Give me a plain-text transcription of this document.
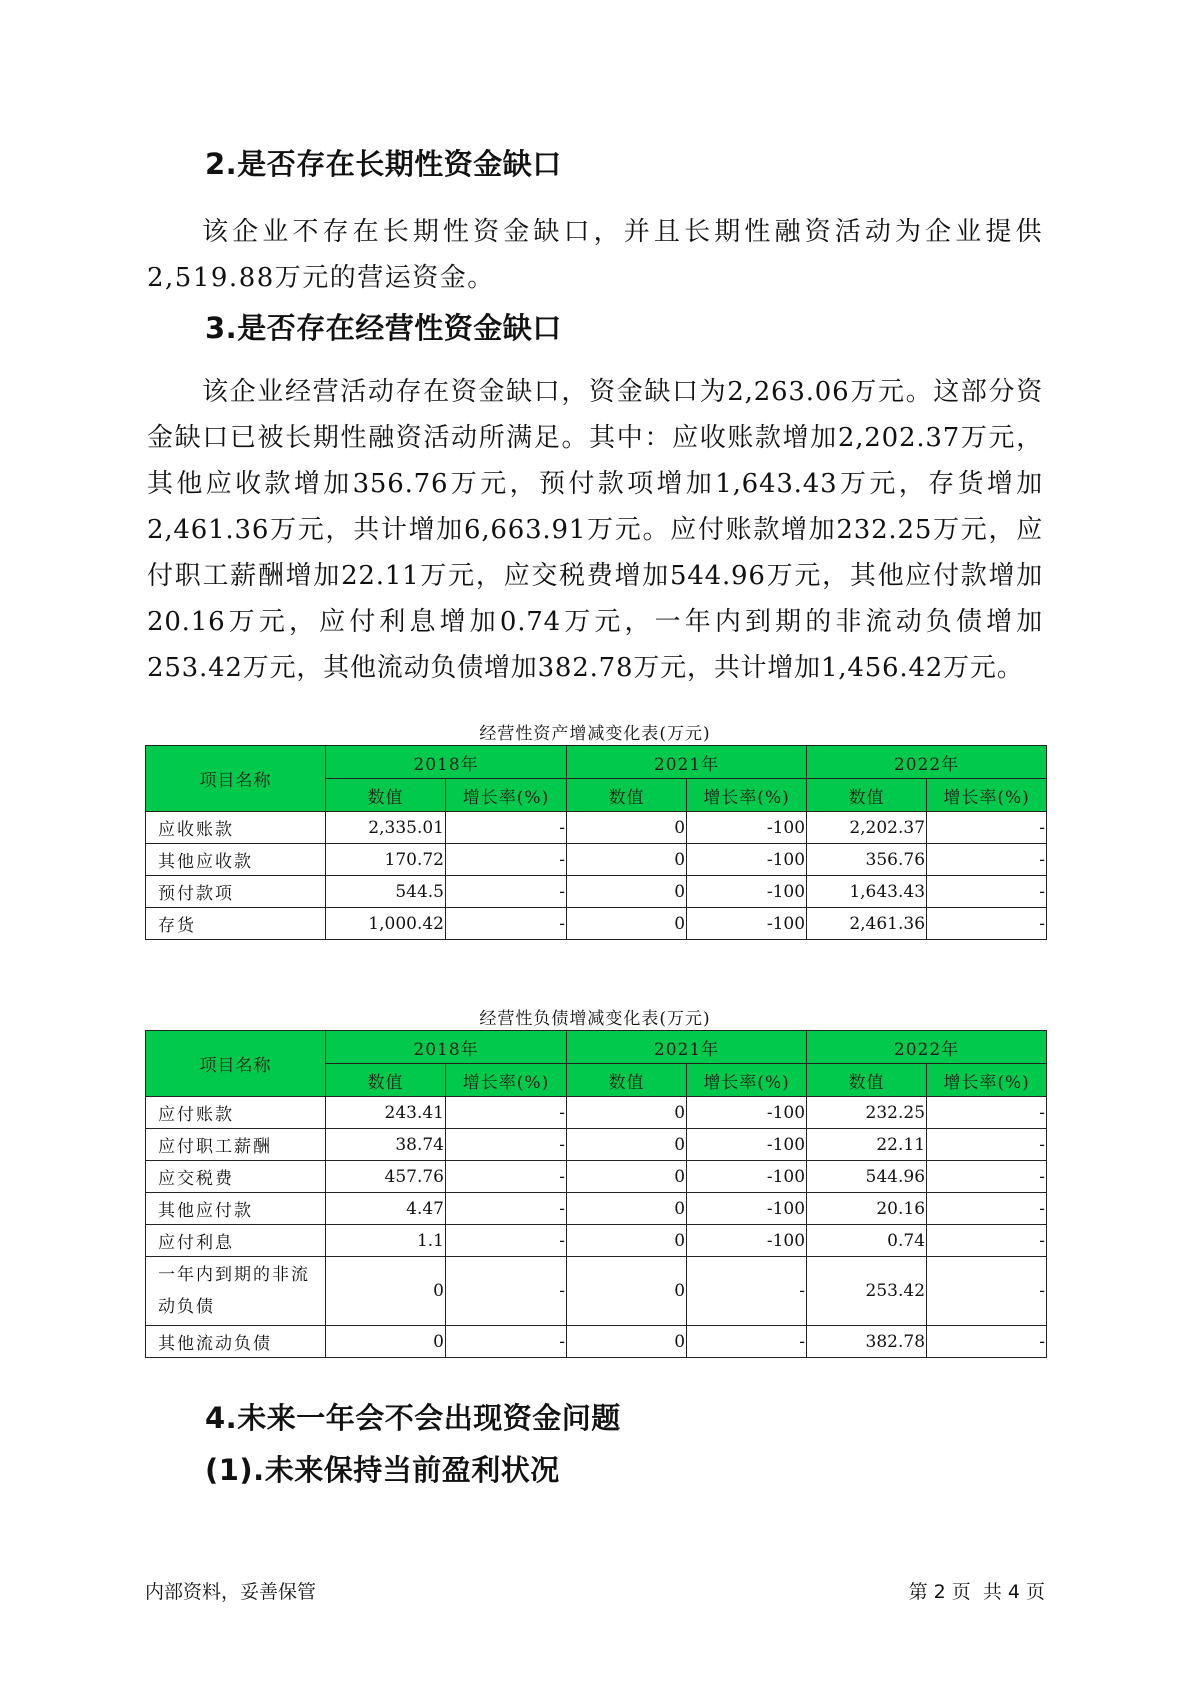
2.是否存在长期性资金缺口

该企业不存在长期性资金缺口，并且长期性融资活动为企业提供2,519.88万元的营运资金。

3.是否存在经营性资金缺口

该企业经营活动存在资金缺口，资金缺口为2,263.06万元。这部分资金缺口已被长期性融资活动所满足。其中：应收账款增加2,202.37万元，其他应收款增加356.76万元，预付款项增加1,643.43万元，存货增加2,461.36万元，共计增加6,663.91万元。应付账款增加232.25万元，应付职工薪酬增加22.11万元，应交税费增加544.96万元，其他应付款增加20.16万元，应付利息增加0.74万元，一年内到期的非流动负债增加253.42万元，其他流动负债增加382.78万元，共计增加1,456.42万元。

经营性资产增减变化表(万元)
项目名称	2018年		2021年		2022年	
	数值	增长率(%)	数值	增长率(%)	数值	增长率(%)
应收账款	2,335.01	-	0	-100	2,202.37	-
其他应收款	170.72	-	0	-100	356.76	-
预付款项	544.5	-	0	-100	1,643.43	-
存货	1,000.42	-	0	-100	2,461.36	-
经营性负债增减变化表(万元)
项目名称	2018年		2021年		2022年	
	数值	增长率(%)	数值	增长率(%)	数值	增长率(%)
应付账款	243.41	-	0	-100	232.25	-
应付职工薪酬	38.74	-	0	-100	22.11	-
应交税费	457.76	-	0	-100	544.96	-
其他应付款	4.47	-	0	-100	20.16	-
应付利息	1.1	-	0	-100	0.74	-
一年内到期的非流动负债	0	-	0	-	253.42	-
其他流动负债	0	-	0	-	382.78	-
4.未来一年会不会出现资金问题
(1).未来保持当前盈利状况
内部资料，妥善保管	第 2 页  共 4 页
